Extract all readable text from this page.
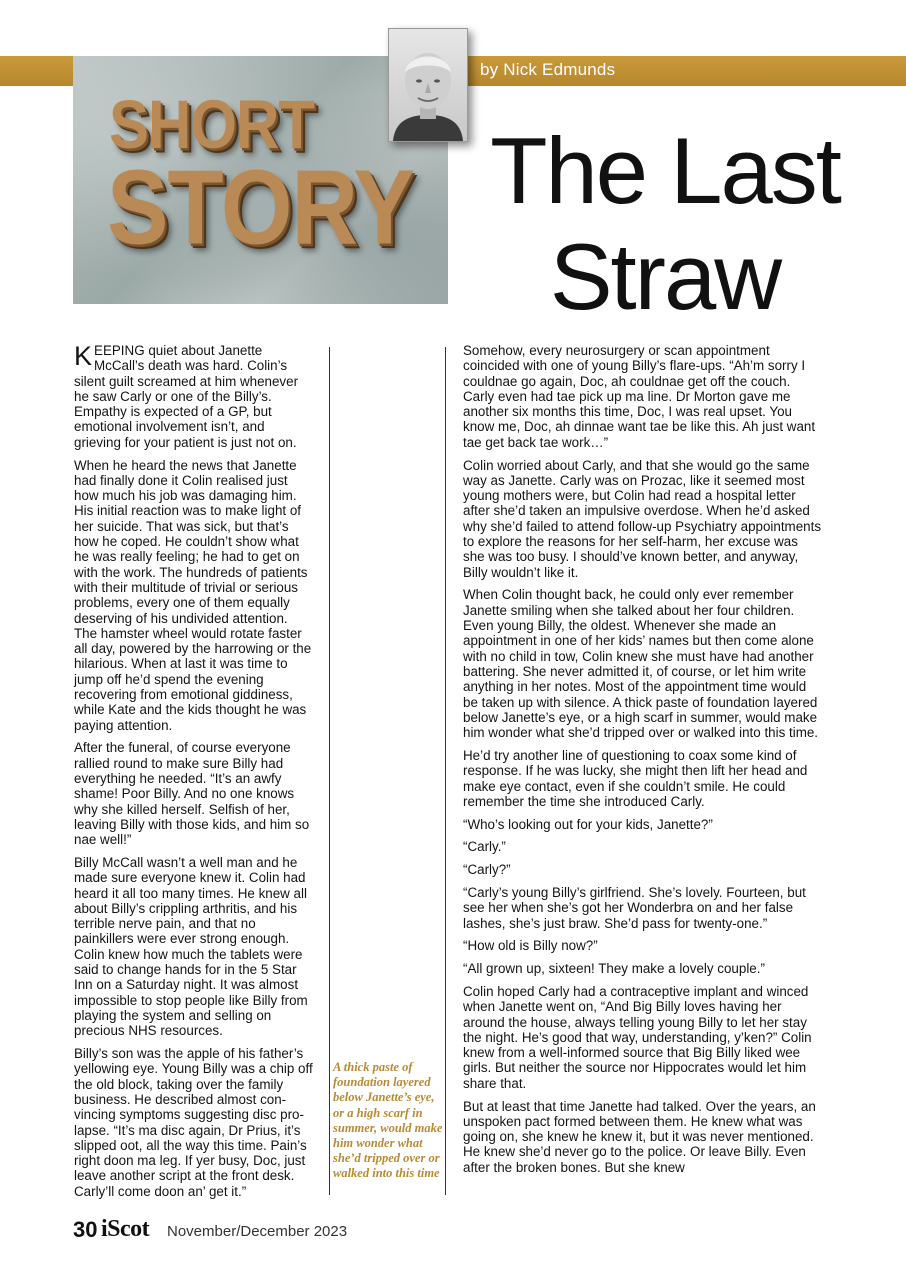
SHORT
STORY
by Nick Edmunds
The Last
Straw

KEEPING quiet about Janette McCall’s death was hard. Colin’s silent guilt screamed at him whenever he saw Carly or one of the Billy’s. Empathy is expected of a GP, but emotional involvement isn’t, and grieving for your patient is just not on.

When he heard the news that Janette had finally done it Colin realised just how much his job was damaging him. His initial reaction was to make light of her suicide. That was sick, but that’s how he coped. He couldn’t show what he was really feeling; he had to get on with the work. The hundreds of patients with their multitude of trivial or serious problems, every one of them equally deserving of his undivided attention. The hamster wheel would rotate faster all day, powered by the harrowing or the hilarious. When at last it was time to jump off he’d spend the evening recovering from emotional giddiness, while Kate and the kids thought he was paying attention.

After the funeral, of course everyone rallied round to make sure Billy had everything he needed. “It’s an awfy shame! Poor Billy. And no one knows why she killed herself. Selfish of her, leaving Billy with those kids, and him so nae well!”

Billy McCall wasn’t a well man and he made sure everyone knew it. Colin had heard it all too many times. He knew all about Billy’s crippling arthritis, and his terrible nerve pain, and that no painkillers were ever strong enough. Colin knew how much the tablets were said to change hands for in the 5 Star Inn on a Saturday night. It was almost impossible to stop people like Billy from playing the system and selling on precious NHS resources.

Billy’s son was the apple of his father’s yellowing eye. Young Billy was a chip off the old block, taking over the family business. He described almost convincing symptoms suggesting disc prolapse. “It’s ma disc again, Dr Prius, it’s slipped oot, all the way this time. Pain’s right doon ma leg. If yer busy, Doc, just leave another script at the front desk. Carly’ll come doon an’ get it.”

A thick paste of foundation layered below Janette’s eye, or a high scarf in summer, would make him wonder what she’d tripped over or walked into this time

Somehow, every neurosurgery or scan appointment coincided with one of young Billy’s flare-ups. “Ah’m sorry I couldnae go again, Doc, ah couldnae get off the couch. Carly even had tae pick up ma line. Dr Morton gave me another six months this time, Doc, I was real upset. You know me, Doc, ah dinnae want tae be like this. Ah just want tae get back tae work…”

Colin worried about Carly, and that she would go the same way as Janette. Carly was on Prozac, like it seemed most young mothers were, but Colin had read a hospital letter after she’d taken an impulsive overdose. When he’d asked why she’d failed to attend follow-up Psychiatry appointments to explore the reasons for her self-harm, her excuse was she was too busy. I should’ve known better, and anyway, Billy wouldn’t like it.

When Colin thought back, he could only ever remember Janette smiling when she talked about her four children. Even young Billy, the oldest. Whenever she made an appointment in one of her kids’ names but then come alone with no child in tow, Colin knew she must have had another battering. She never admitted it, of course, or let him write anything in her notes. Most of the appointment time would be taken up with silence. A thick paste of foundation layered below Janette’s eye, or a high scarf in summer, would make him wonder what she’d tripped over or walked into this time.

He’d try another line of questioning to coax some kind of response. If he was lucky, she might then lift her head and make eye contact, even if she couldn’t smile. He could remember the time she introduced Carly.

“Who’s looking out for your kids, Janette?”

“Carly.”

“Carly?”

“Carly’s young Billy’s girlfriend. She’s lovely. Fourteen, but see her when she’s got her Wonderbra on and her false lashes, she’s just braw. She’d pass for twenty-one.”

“How old is Billy now?”

“All grown up, sixteen! They make a lovely couple.”

Colin hoped Carly had a contraceptive implant and winced when Janette went on, “And Big Billy loves having her around the house, always telling young Billy to let her stay the night. He’s good that way, understanding, y’ken?” Colin knew from a well-informed source that Big Billy liked wee girls. But neither the source nor Hippocrates would let him share that.

But at least that time Janette had talked. Over the years, an unspoken pact formed between them. He knew what was going on, she knew he knew it, but it was never mentioned. He knew she’d never go to the police. Or leave Billy. Even after the broken bones. But she knew

30 iScot November/December 2023
